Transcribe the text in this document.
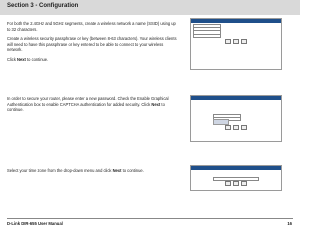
Section 3 - Configuration
For both the 2.4GHz and 5GHz segments, create a wireless network a name (SSID) using up to 32 characters.
Create a wireless security passphrase or key (between 8-63 characters). Your wireless clients will need to have this passphrase or key entered to be able to connect to your wireless network.
Click Next to continue.
In order to secure your router, please enter a new password. Check the Enable Graphical Authentication box to enable CAPTCHA authentication for added security. Click Next to continue.
Select your time zone from the drop-down menu and click Next to continue.
D-Link DIR-655 User Manual	16
